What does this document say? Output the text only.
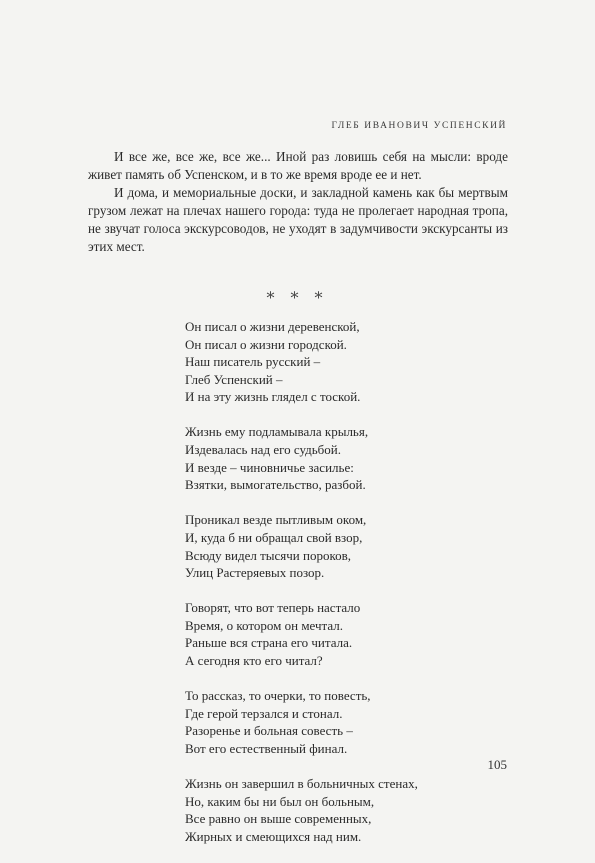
ГЛЕБ ИВАНОВИЧ УСПЕНСКИЙ

И все же, все же, все же... Иной раз ловишь себя на мысли: вроде живет память об Успенском, и в то же время вроде ее и нет.

И дома, и мемориальные доски, и закладной камень как бы мертвым грузом лежат на плечах нашего города: туда не пролегает народная тропа, не звучат голоса экскурсоводов, не уходят в задумчивости экскурсанты из этих мест.

⁎ ⁎ ⁎
Он писал о жизни деревенской,
Он писал о жизни городской.
Наш писатель русский –
Глеб Успенский –
И на эту жизнь глядел с тоской.
Жизнь ему подламывала крылья,
Издевалась над его судьбой.
И везде – чиновничье засилье:
Взятки, вымогательство, разбой.
Проникал везде пытливым оком,
И, куда б ни обращал свой взор,
Всюду видел тысячи пороков,
Улиц Растеряевых позор.
Говорят, что вот теперь настало
Время, о котором он мечтал.
Раньше вся страна его читала.
А сегодня кто его читал?
То рассказ, то очерки, то повесть,
Где герой терзался и стонал.
Разоренье и больная совесть –
Вот его естественный финал.
Жизнь он завершил в больничных стенах,
Но, каким бы ни был он больным,
Все равно он выше современных,
Жирных и смеющихся над ним.
105
